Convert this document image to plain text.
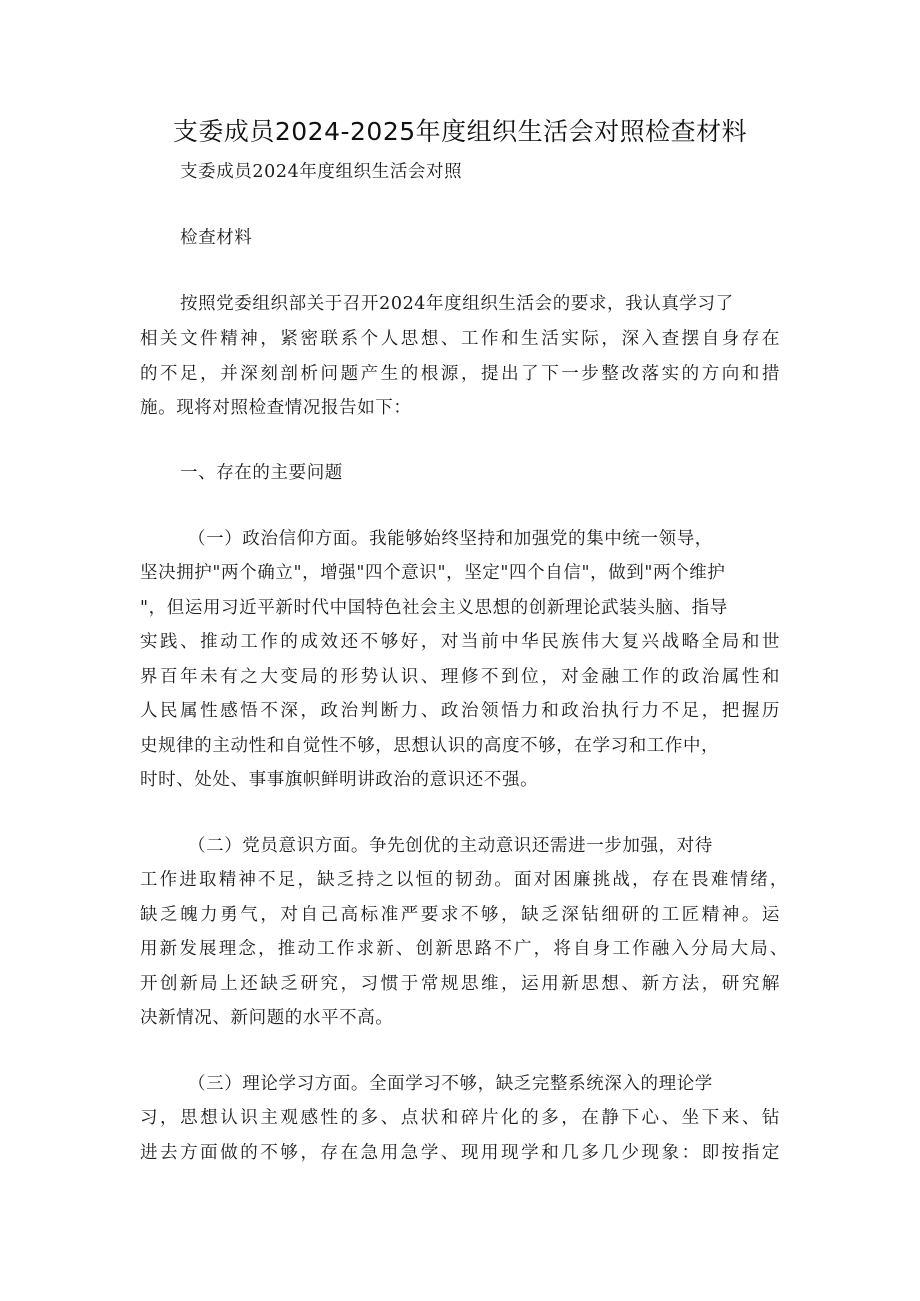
支委成员2024-2025年度组织生活会对照检查材料
支委成员2024年度组织生活会对照
检查材料
按照党委组织部关于召开2024年度组织生活会的要求，我认真学习了
相关文件精神，紧密联系个人思想、工作和生活实际，深入查摆自身存在
的不足，并深刻剖析问题产生的根源，提出了下一步整改落实的方向和措
施。现将对照检查情况报告如下：
一、存在的主要问题
（一）政治信仰方面。我能够始终坚持和加强党的集中统一领导，
坚决拥护"两个确立"，增强"四个意识"，坚定"四个自信"，做到"两个维护
"，但运用习近平新时代中国特色社会主义思想的创新理论武装头脑、指导
实践、推动工作的成效还不够好，对当前中华民族伟大复兴战略全局和世
界百年未有之大变局的形势认识、理修不到位，对金融工作的政治属性和
人民属性感悟不深，政治判断力、政治领悟力和政治执行力不足，把握历
史规律的主动性和自觉性不够，思想认识的高度不够，在学习和工作中，
时时、处处、事事旗帜鲜明讲政治的意识还不强。
（二）党员意识方面。争先创优的主动意识还需进一步加强，对待
工作进取精神不足，缺乏持之以恒的韧劲。面对困廉挑战，存在畏难情绪，
缺乏魄力勇气，对自己高标准严要求不够，缺乏深钻细研的工匠精神。运
用新发展理念，推动工作求新、创新思路不广，将自身工作融入分局大局、
开创新局上还缺乏研究，习惯于常规思维，运用新思想、新方法，研究解
决新情况、新问题的水平不高。
（三）理论学习方面。全面学习不够，缺乏完整系统深入的理论学
习，思想认识主观感性的多、点状和碎片化的多，在静下心、坐下来、钻
进去方面做的不够，存在急用急学、现用现学和几多几少现象：即按指定
